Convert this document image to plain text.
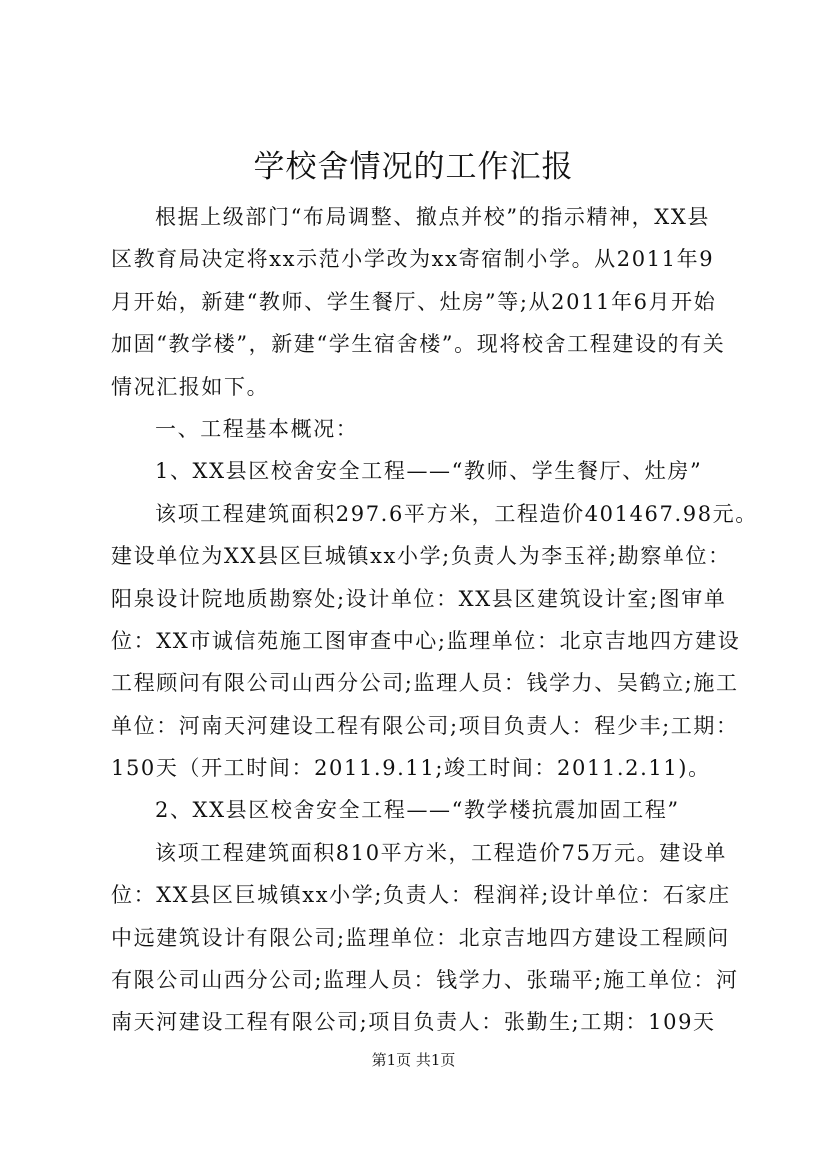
学校舍情况的工作汇报
根据上级部门“布局调整、撤点并校”的指示精神，XX县
区教育局决定将xx示范小学改为xx寄宿制小学。从2011年9
月开始，新建“教师、学生餐厅、灶房”等;从2011年6月开始
加固“教学楼”，新建“学生宿舍楼”。现将校舍工程建设的有关
情况汇报如下。
一、工程基本概况：
1、XX县区校舍安全工程——“教师、学生餐厅、灶房”
该项工程建筑面积297.6平方米，工程造价401467.98元。
建设单位为XX县区巨城镇xx小学;负责人为李玉祥;勘察单位：
阳泉设计院地质勘察处;设计单位：XX县区建筑设计室;图审单
位：XX市诚信苑施工图审查中心;监理单位：北京吉地四方建设
工程顾问有限公司山西分公司;监理人员：钱学力、吴鹤立;施工
单位：河南天河建设工程有限公司;项目负责人：程少丰;工期：
150天（开工时间：2011.9.11;竣工时间：2011.2.11)。
2、XX县区校舍安全工程——“教学楼抗震加固工程”
该项工程建筑面积810平方米，工程造价75万元。建设单
位：XX县区巨城镇xx小学;负责人：程润祥;设计单位：石家庄
中远建筑设计有限公司;监理单位：北京吉地四方建设工程顾问
有限公司山西分公司;监理人员：钱学力、张瑞平;施工单位：河
南天河建设工程有限公司;项目负责人：张勤生;工期：109天
第1页 共1页
